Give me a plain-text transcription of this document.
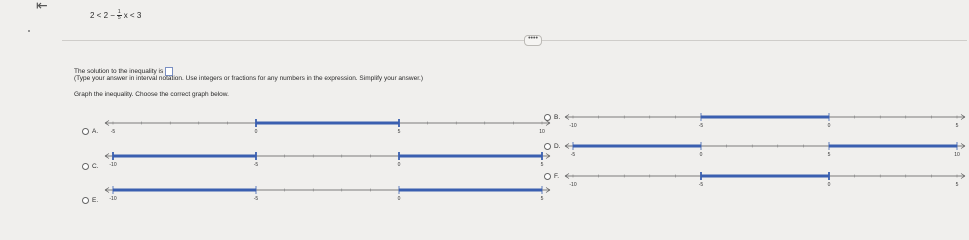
⇤
$2 < 2 - \frac{1}{5}$ x < 3
••••
The solution to the inequality is
(Type your answer in interval notation. Use integers or fractions for any numbers in the expression. Simplify your answer.)
Graph the inequality. Choose the correct graph below.
A.	-5	0	5	10
B.
-10	-5	0	5
C. -10	-5	0	5
D.
-5	0	5	10
E. -10	-5	0	5
F.
-10	-5	0	5
